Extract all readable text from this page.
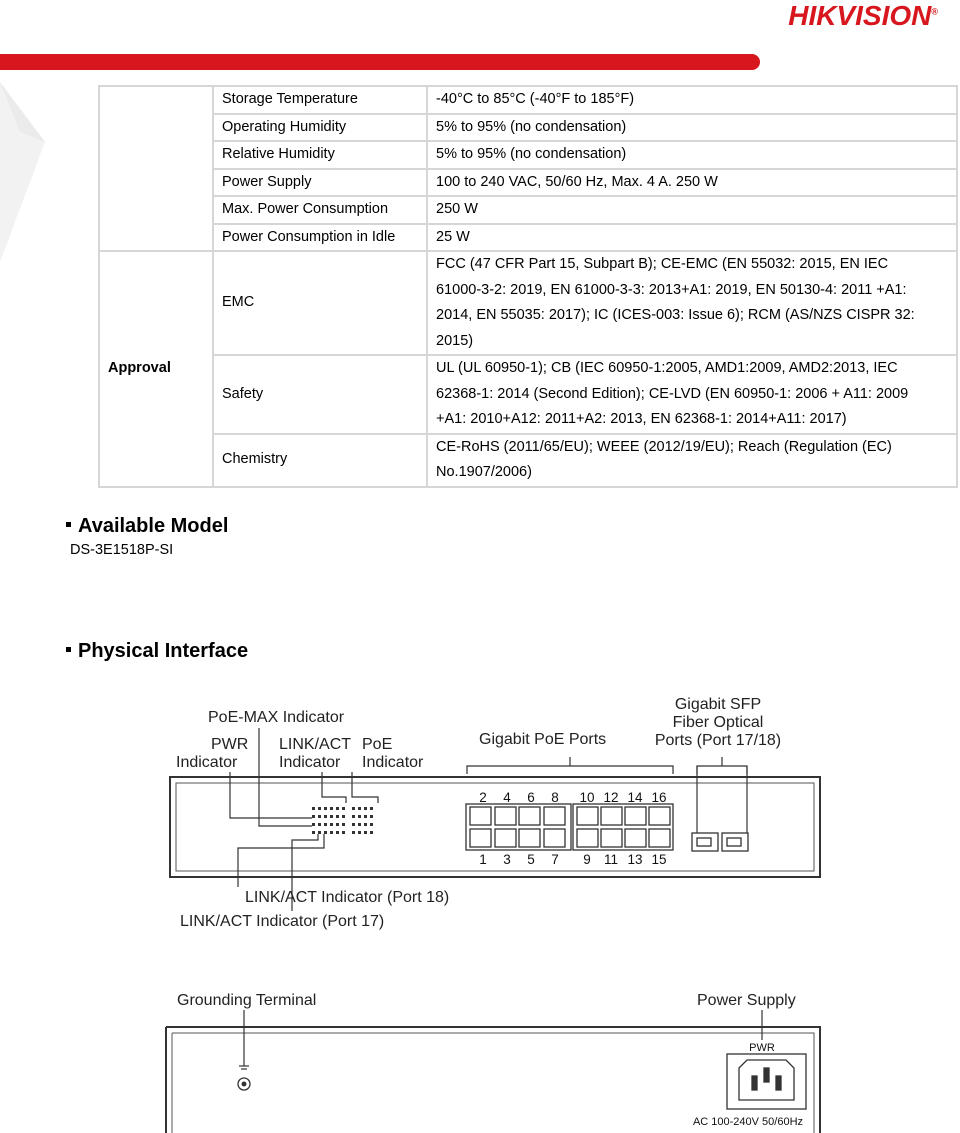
HIKVISION®
	Storage Temperature	-40°C to 85°C (-40°F to 185°F)
	Operating Humidity	5% to 95% (no condensation)
	Relative Humidity	5% to 95% (no condensation)
	Power Supply	100 to 240 VAC, 50/60 Hz, Max. 4 A. 250 W
	Max. Power Consumption	250 W
	Power Consumption in Idle	25 W
Approval	EMC	FCC (47 CFR Part 15, Subpart B); CE-EMC (EN 55032: 2015, EN IEC
61000-3-2: 2019, EN 61000-3-3: 2013+A1: 2019, EN 50130-4: 2011 +A1:
2014, EN 55035: 2017); IC (ICES-003: Issue 6); RCM (AS/NZS CISPR 32: 2015)

	Safety	UL (UL 60950-1); CB (IEC 60950-1:2005, AMD1:2009, AMD2:2013, IEC
62368-1: 2014 (Second Edition); CE-LVD (EN 60950-1: 2006 + A11: 2009
+A1: 2010+A12: 2011+A2: 2013, EN 62368-1: 2014+A11: 2017)

	Chemistry	CE-RoHS (2011/65/EU); WEEE (2012/19/EU); Reach (Regulation (EC)
No.1907/2006)
Available Model
DS-3E1518P-SI
Physical Interface
2 4 6 8 10 12 14 16
1 3 5 7 9 11 13 15
PoE-MAX Indicator
PWR
Indicator
LINK/ACT
Indicator
PoE
Indicator
Gigabit PoE Ports
Gigabit SFP
Fiber Optical
Ports (Port 17/18)
LINK/ACT Indicator (Port 18)
LINK/ACT Indicator (Port 17)
Grounding Terminal	Power Supply
PWR
AC 100-240V 50/60Hz
